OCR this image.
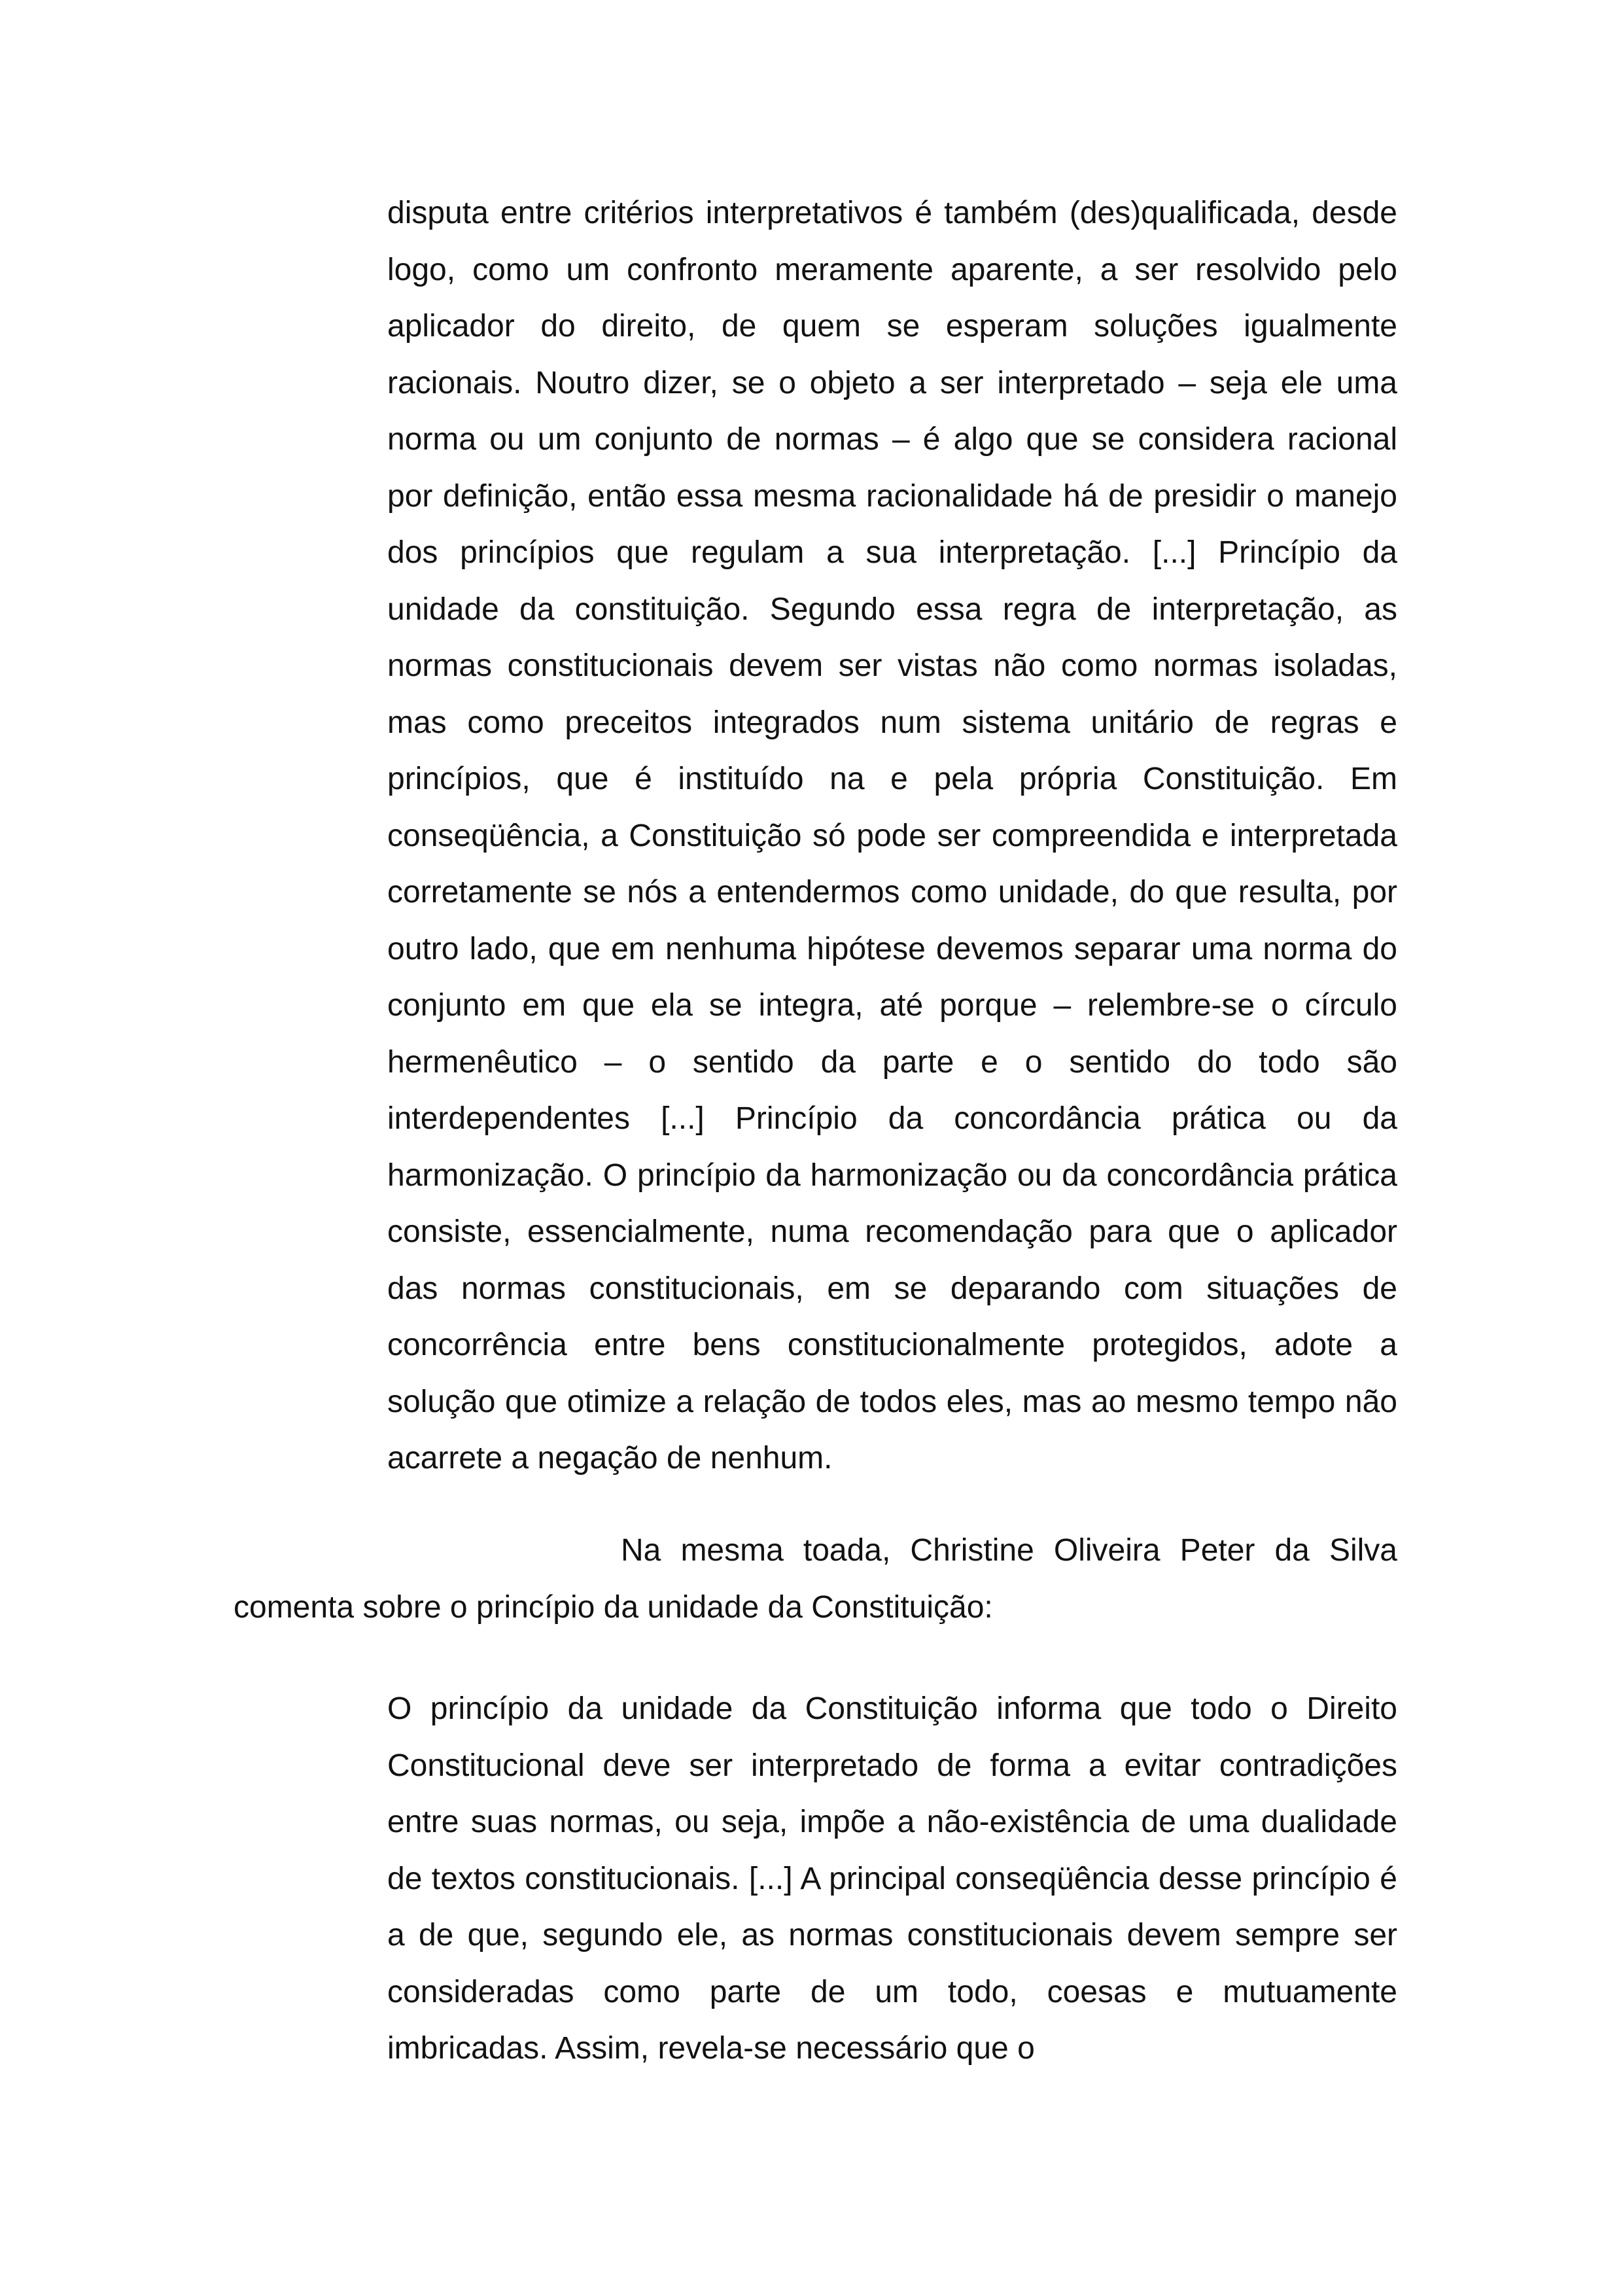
disputa entre critérios interpretativos é também (des)qualificada, desde logo, como um confronto meramente aparente, a ser resolvido pelo aplicador do direito, de quem se esperam soluções igualmente racionais. Noutro dizer, se o objeto a ser interpretado – seja ele uma norma ou um conjunto de normas – é algo que se considera racional por definição, então essa mesma racionalidade há de presidir o manejo dos princípios que regulam a sua interpretação. [...] Princípio da unidade da constituição. Segundo essa regra de interpretação, as normas constitucionais devem ser vistas não como normas isoladas, mas como preceitos integrados num sistema unitário de regras e princípios, que é instituído na e pela própria Constituição. Em conseqüência, a Constituição só pode ser compreendida e interpretada corretamente se nós a entendermos como unidade, do que resulta, por outro lado, que em nenhuma hipótese devemos separar uma norma do conjunto em que ela se integra, até porque – relembre-se o círculo hermenêutico – o sentido da parte e o sentido do todo são interdependentes [...] Princípio da concordância prática ou da harmonização. O princípio da harmonização ou da concordância prática consiste, essencialmente, numa recomendação para que o aplicador das normas constitucionais, em se deparando com situações de concorrência entre bens constitucionalmente protegidos, adote a solução que otimize a relação de todos eles, mas ao mesmo tempo não acarrete a negação de nenhum.

Na mesma toada, Christine Oliveira Peter da Silva comenta sobre o princípio da unidade da Constituição:

O princípio da unidade da Constituição informa que todo o Direito Constitucional deve ser interpretado de forma a evitar contradições entre suas normas, ou seja, impõe a não-existência de uma dualidade de textos constitucionais. [...] A principal conseqüência desse princípio é a de que, segundo ele, as normas constitucionais devem sempre ser consideradas como parte de um todo, coesas e mutuamente imbricadas. Assim, revela-se necessário que o
